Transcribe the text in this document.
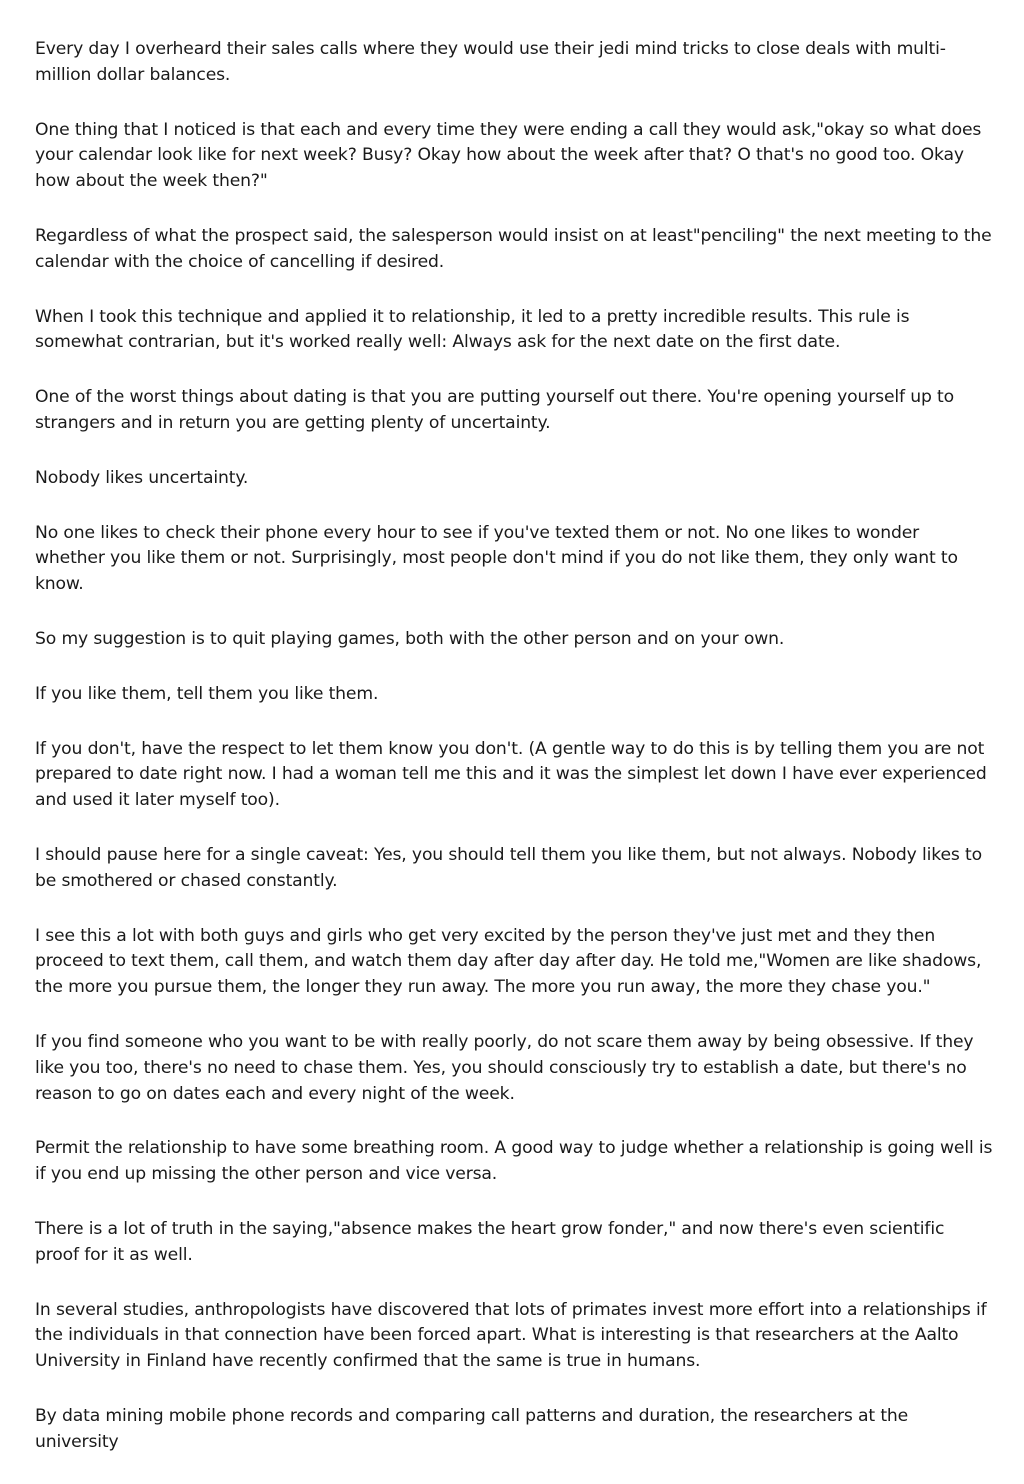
Every day I overheard their sales calls where they would use their jedi mind tricks to close deals with multi-million dollar balances.

One thing that I noticed is that each and every time they were ending a call they would ask,"okay so what does your calendar look like for next week? Busy? Okay how about the week after that? O that's no good too. Okay how about the week then?"

Regardless of what the prospect said, the salesperson would insist on at least"penciling" the next meeting to the calendar with the choice of cancelling if desired.

When I took this technique and applied it to relationship, it led to a pretty incredible results. This rule is somewhat contrarian, but it's worked really well: Always ask for the next date on the first date.

One of the worst things about dating is that you are putting yourself out there. You're opening yourself up to strangers and in return you are getting plenty of uncertainty.

Nobody likes uncertainty.

No one likes to check their phone every hour to see if you've texted them or not. No one likes to wonder whether you like them or not. Surprisingly, most people don't mind if you do not like them, they only want to know.

So my suggestion is to quit playing games, both with the other person and on your own.

If you like them, tell them you like them.

If you don't, have the respect to let them know you don't. (A gentle way to do this is by telling them you are not prepared to date right now. I had a woman tell me this and it was the simplest let down I have ever experienced and used it later myself too).

I should pause here for a single caveat: Yes, you should tell them you like them, but not always. Nobody likes to be smothered or chased constantly.

I see this a lot with both guys and girls who get very excited by the person they've just met and they then proceed to text them, call them, and watch them day after day after day. He told me,"Women are like shadows, the more you pursue them, the longer they run away. The more you run away, the more they chase you."

If you find someone who you want to be with really poorly, do not scare them away by being obsessive. If they like you too, there's no need to chase them. Yes, you should consciously try to establish a date, but there's no reason to go on dates each and every night of the week.

Permit the relationship to have some breathing room. A good way to judge whether a relationship is going well is if you end up missing the other person and vice versa.

There is a lot of truth in the saying,"absence makes the heart grow fonder," and now there's even scientific proof for it as well.

In several studies, anthropologists have discovered that lots of primates invest more effort into a relationships if the individuals in that connection have been forced apart. What is interesting is that researchers at the Aalto University in Finland have recently confirmed that the same is true in humans.

By data mining mobile phone records and comparing call patterns and duration, the researchers at the university
